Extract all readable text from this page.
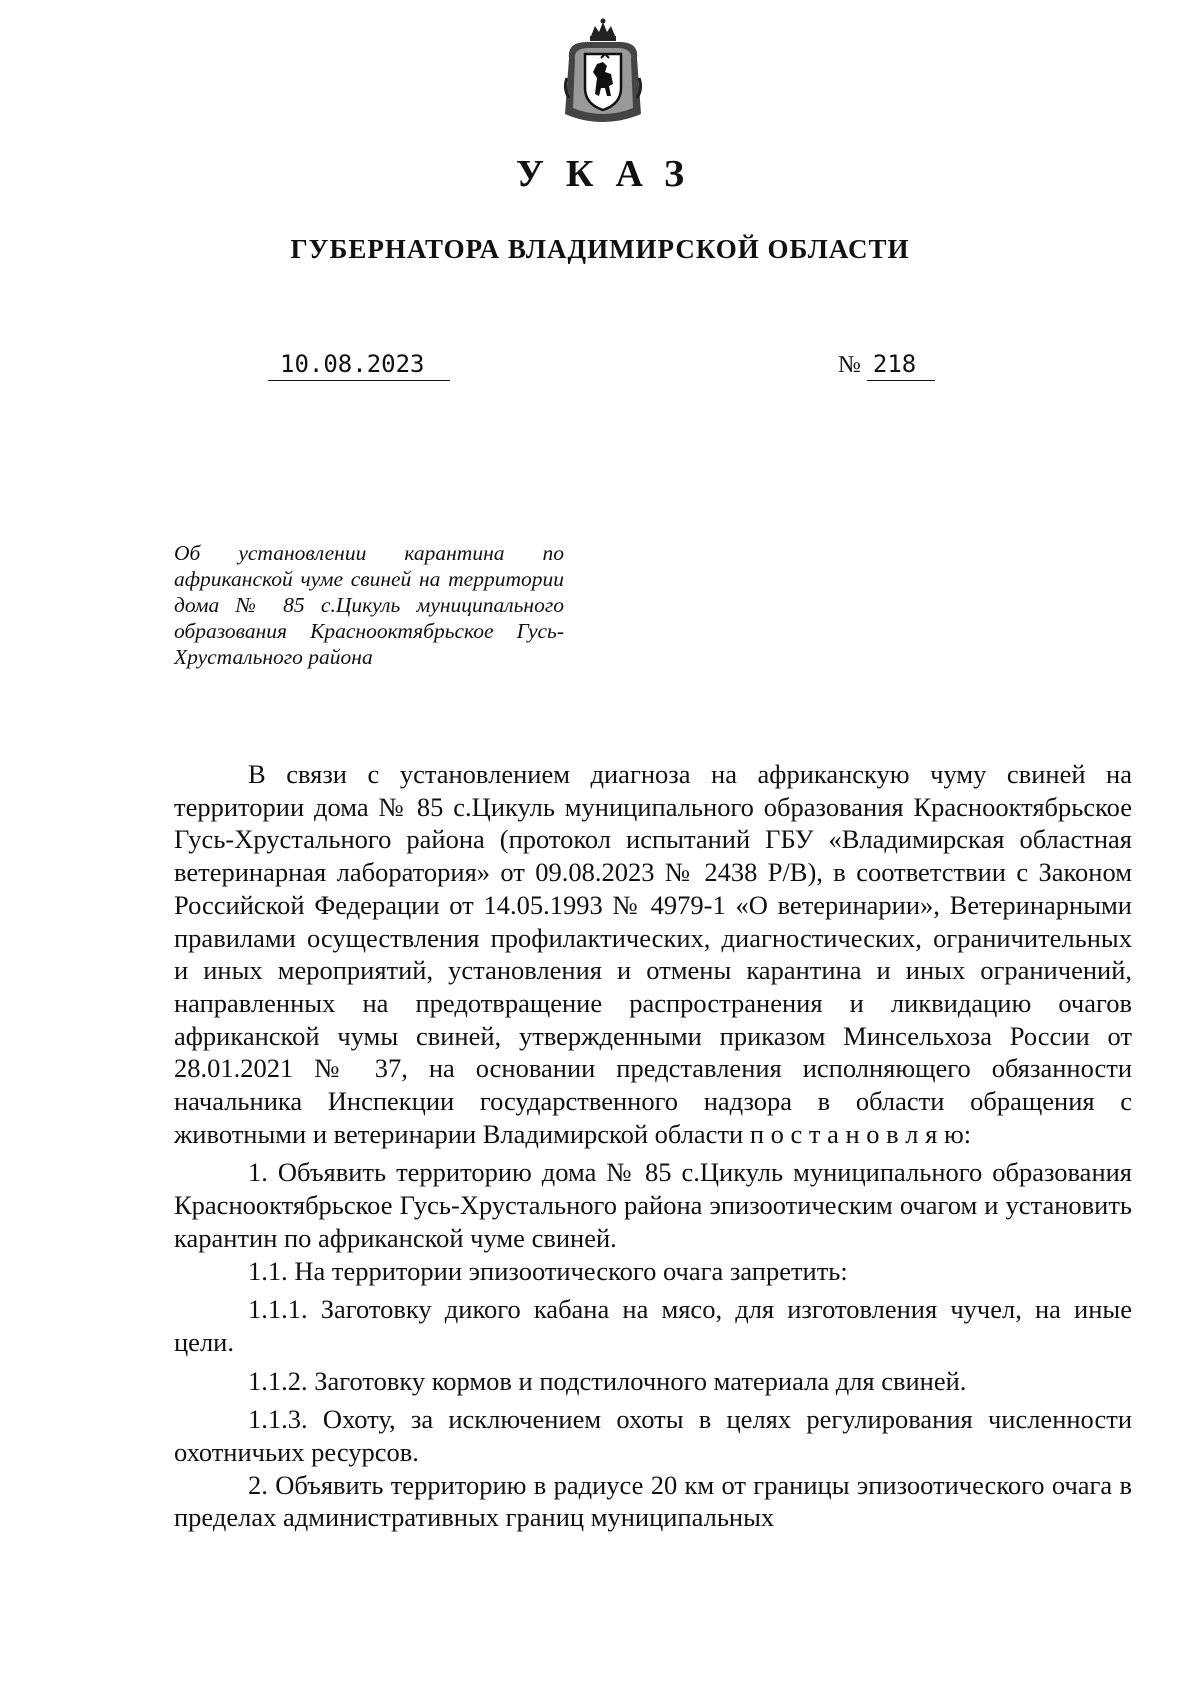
УКАЗ
ГУБЕРНАТОРА ВЛАДИМИРСКОЙ ОБЛАСТИ
10.08.2023	№ 218
Об установлении карантина по африканской чуме свиней на территории дома № 85 с.Цикуль муниципального образования Краснооктябрьское Гусь-
Хрустального района

В связи с установлением диагноза на африканскую чуму свиней на территории дома № 85 с.Цикуль муниципального образования Краснооктябрьское Гусь-Хрустального района (протокол испытаний ГБУ «Владимирская областная ветеринарная лаборатория» от 09.08.2023 № 2438 Р/В), в соответствии с Законом Российской Федерации от 14.05.1993 № 4979-1 «О ветеринарии», Ветеринарными правилами осуществления профилактических, диагностических, ограничительных и иных мероприятий, установления и отмены карантина и иных ограничений, направленных на предотвращение распространения и ликвидацию очагов африканской чумы свиней, утвержденными приказом Минсельхоза России от 28.01.2021 № 37, на основании представления исполняющего обязанности начальника Инспекции государственного надзора в области обращения с животными и ветеринарии Владимирской области п о с т а н о в л я ю:

1. Объявить территорию дома № 85 с.Цикуль муниципального образования Краснооктябрьское Гусь-Хрустального района эпизоотическим очагом и установить карантин по африканской чуме свиней.

1.1. На территории эпизоотического очага запретить:

1.1.1. Заготовку дикого кабана на мясо, для изготовления чучел, на иные цели.

1.1.2. Заготовку кормов и подстилочного материала для свиней.

1.1.3. Охоту, за исключением охоты в целях регулирования численности охотничьих ресурсов.

2. Объявить территорию в радиусе 20 км от границы эпизоотического очага в пределах административных границ муниципальных
